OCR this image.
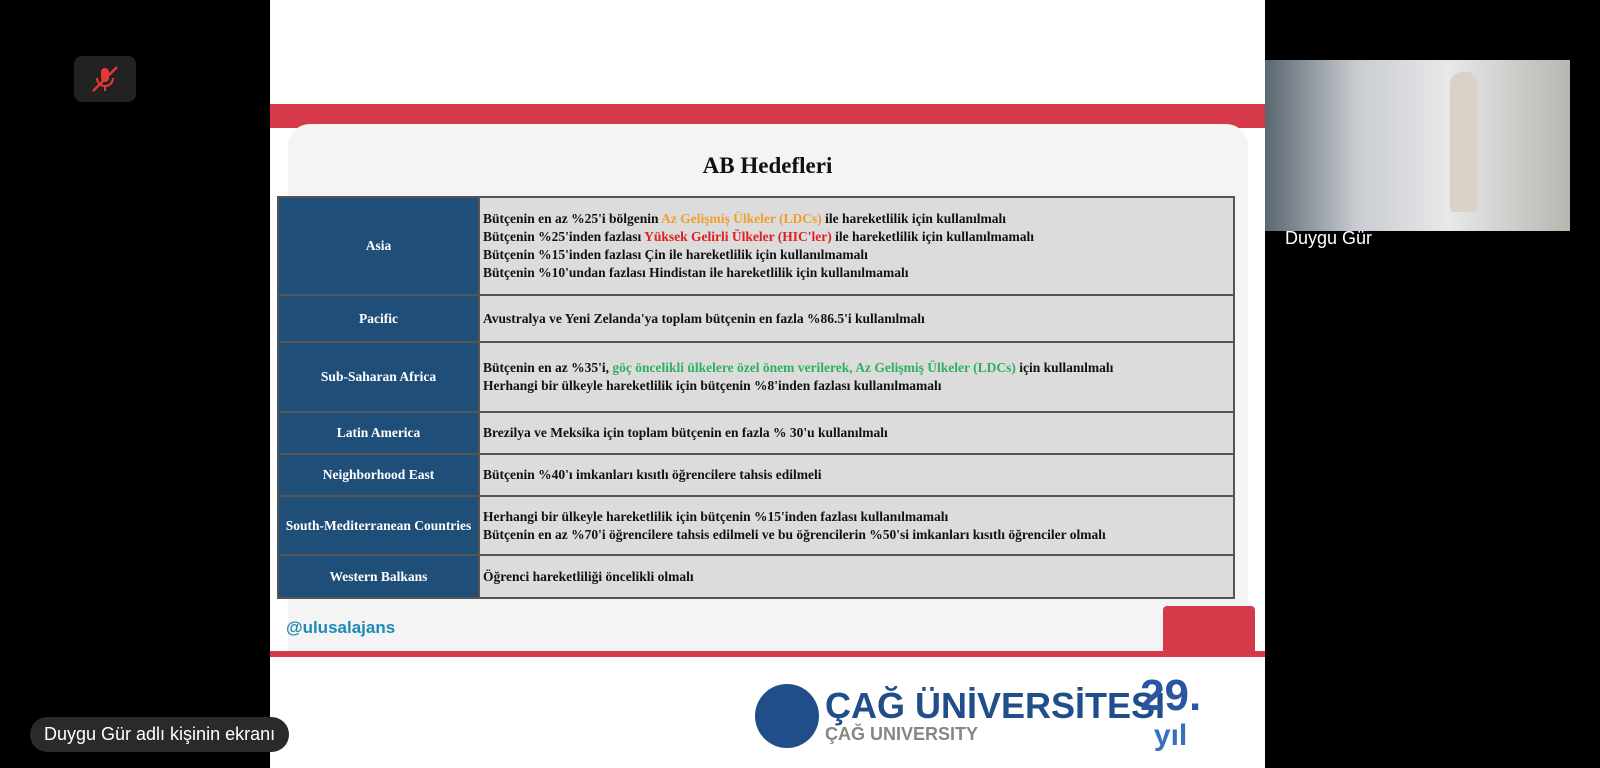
AB Hedefleri
Asia	Bütçenin en az %25'i bölgenin Az Gelişmiş Ülkeler (LDCs) ile hareketlilik için kullanılmalı
Bütçenin %25'inden fazlası Yüksek Gelirli Ülkeler (HIC'ler) ile hareketlilik için kullanılmamalı
Bütçenin %15'inden fazlası Çin ile hareketlilik için kullanılmamalı
Bütçenin %10'undan fazlası Hindistan ile hareketlilik için kullanılmamalı

Pacific	Avustralya ve Yeni Zelanda'ya toplam bütçenin en fazla %86.5'i kullanılmalı

Sub-Saharan Africa	Bütçenin en az %35'i, göç öncelikli ülkelere özel önem verilerek, Az Gelişmiş Ülkeler (LDCs) için kullanılmalı
Herhangi bir ülkeyle hareketlilik için bütçenin %8'inden fazlası kullanılmamalı

Latin America	Brezilya ve Meksika için toplam bütçenin en fazla % 30'u kullanılmalı

Neighborhood East	Bütçenin %40'ı imkanları kısıtlı öğrencilere tahsis edilmeli

South-Mediterranean Countries	Herhangi bir ülkeyle hareketlilik için bütçenin %15'inden fazlası kullanılmamalı
Bütçenin en az %70'i öğrencilere tahsis edilmeli ve bu öğrencilerin %50'si imkanları kısıtlı öğrenciler olmalı

Western Balkans	Öğrenci hareketliliği öncelikli olmalı
@ulusalajans
ÇAĞ ÜNİVERSİTESİ
ÇAĞ UNIVERSITY
29.
yıl
Duygu Gür
Duygu Gür adlı kişinin ekranı
